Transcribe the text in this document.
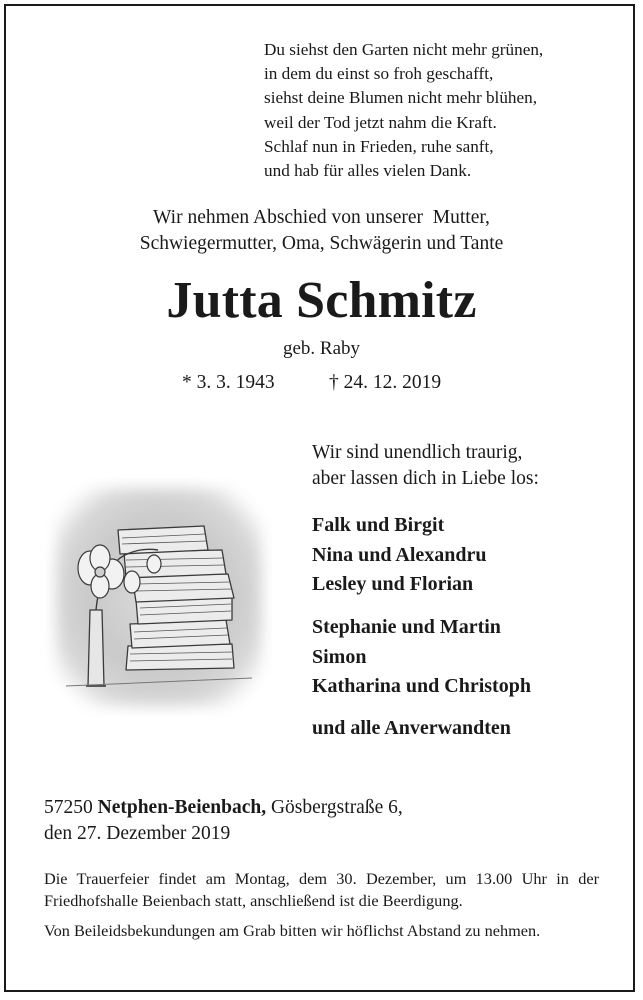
Du siehst den Garten nicht mehr grünen,
in dem du einst so froh geschafft,
siehst deine Blumen nicht mehr blühen,
weil der Tod jetzt nahm die Kraft.
Schlaf nun in Frieden, ruhe sanft,
und hab für alles vielen Dank.
Wir nehmen Abschied von unserer  Mutter,
Schwiegermutter, Oma, Schwägerin und Tante
Jutta Schmitz
geb. Raby
* 3. 3. 1943	† 24. 12. 2019
Wir sind unendlich traurig,
aber lassen dich in Liebe los:
Falk und Birgit
Nina und Alexandru
Lesley und Florian
Stephanie und Martin
Simon
Katharina und Christoph
und alle Anverwandten
57250 Netphen-Beienbach, Gösbergstraße 6,
den 27. Dezember 2019
Die Trauerfeier findet am Montag, dem 30. Dezember, um 13.00 Uhr in der Friedhofshalle Beienbach statt, anschließend ist die Beerdigung.
Von Beileidsbekundungen am Grab bitten wir höflichst Abstand zu nehmen.
